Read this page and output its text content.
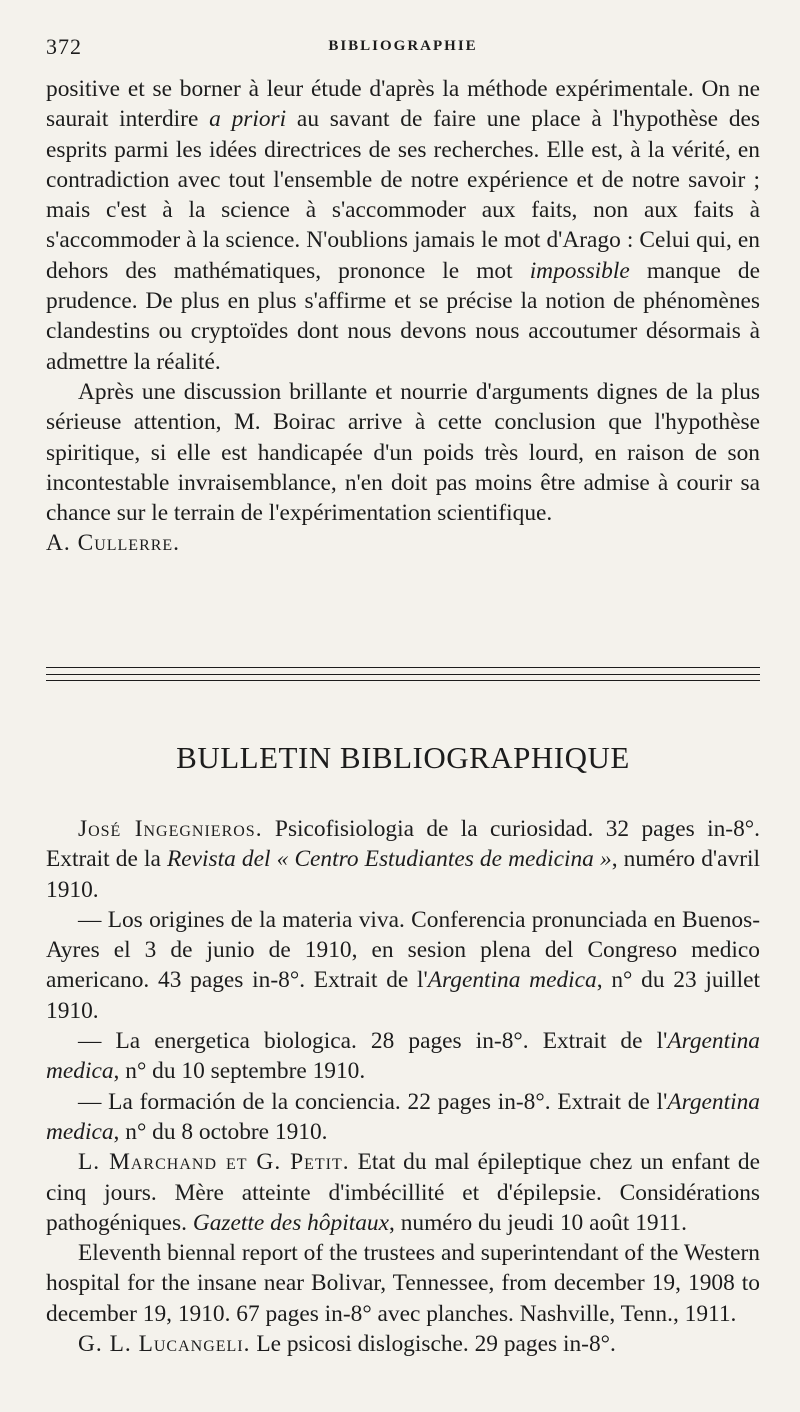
372	BIBLIOGRAPHIE

positive et se borner à leur étude d'après la méthode expérimentale. On ne saurait interdire a priori au savant de faire une place à l'hypothèse des esprits parmi les idées directrices de ses recherches. Elle est, à la vérité, en contradiction avec tout l'ensemble de notre expérience et de notre savoir ; mais c'est à la science à s'accommoder aux faits, non aux faits à s'accommoder à la science. N'oublions jamais le mot d'Arago : Celui qui, en dehors des mathématiques, prononce le mot impossible manque de prudence. De plus en plus s'affirme et se précise la notion de phénomènes clandestins ou cryptoïdes dont nous devons nous accoutumer désormais à admettre la réalité.

Après une discussion brillante et nourrie d'arguments dignes de la plus sérieuse attention, M. Boirac arrive à cette conclusion que l'hypothèse spiritique, si elle est handicapée d'un poids très lourd, en raison de son incontestable invraisemblance, n'en doit pas moins être admise à courir sa chance sur le terrain de l'expérimentation scientifique.

A. Cullerre.

BULLETIN BIBLIOGRAPHIQUE

José Ingegnieros. Psicofisiologia de la curiosidad. 32 pages in-8°. Extrait de la Revista del « Centro Estudiantes de medicina », numéro d'avril 1910.

— Los origines de la materia viva. Conferencia pronunciada en Buenos-Ayres el 3 de junio de 1910, en sesion plena del Congreso medico americano. 43 pages in-8°. Extrait de l'Argentina medica, n° du 23 juillet 1910.

— La energetica biologica. 28 pages in-8°. Extrait de l'Argentina medica, n° du 10 septembre 1910.

— La formación de la conciencia. 22 pages in-8°. Extrait de l'Argentina medica, n° du 8 octobre 1910.

L. Marchand et G. Petit. Etat du mal épileptique chez un enfant de cinq jours. Mère atteinte d'imbécillité et d'épilepsie. Considérations pathogéniques. Gazette des hôpitaux, numéro du jeudi 10 août 1911.

Eleventh biennal report of the trustees and superintendant of the Western hospital for the insane near Bolivar, Tennessee, from december 19, 1908 to december 19, 1910. 67 pages in-8° avec planches. Nashville, Tenn., 1911.

G. L. Lucangeli. Le psicosi dislogische. 29 pages in-8°.
